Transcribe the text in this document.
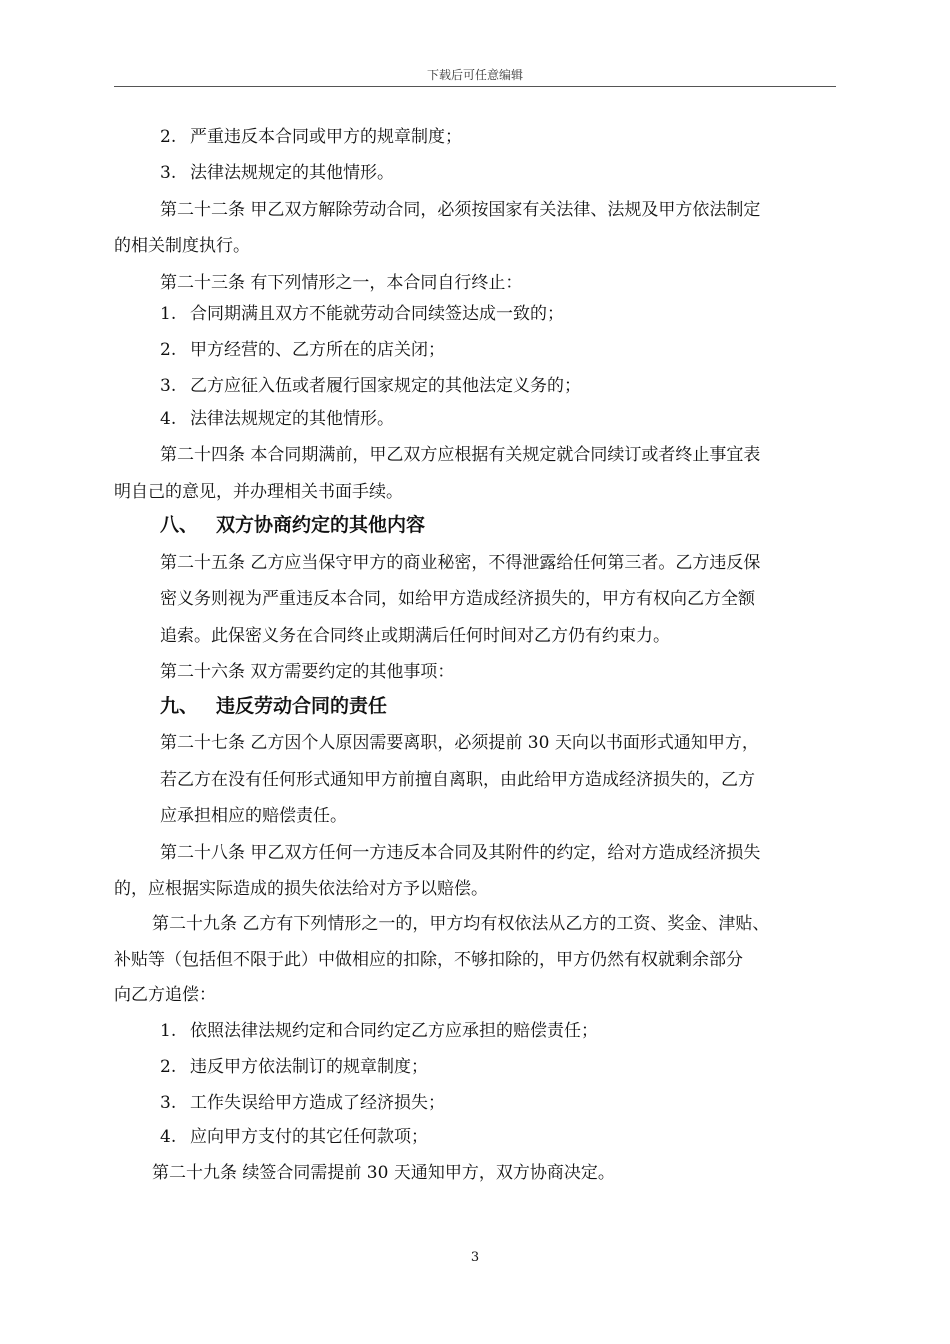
下载后可任意编辑
2. 严重违反本合同或甲方的规章制度；
3. 法律法规规定的其他情形。
第二十二条 甲乙双方解除劳动合同，必须按国家有关法律、法规及甲方依法制定
的相关制度执行。
第二十三条 有下列情形之一，本合同自行终止：
1. 合同期满且双方不能就劳动合同续签达成一致的；
2. 甲方经营的、乙方所在的店关闭；
3. 乙方应征入伍或者履行国家规定的其他法定义务的；
4. 法律法规规定的其他情形。
第二十四条 本合同期满前，甲乙双方应根据有关规定就合同续订或者终止事宜表
明自己的意见，并办理相关书面手续。
八、 双方协商约定的其他内容
第二十五条 乙方应当保守甲方的商业秘密，不得泄露给任何第三者。乙方违反保
密义务则视为严重违反本合同，如给甲方造成经济损失的，甲方有权向乙方全额
追索。此保密义务在合同终止或期满后任何时间对乙方仍有约束力。
第二十六条 双方需要约定的其他事项：
九、 违反劳动合同的责任
第二十七条 乙方因个人原因需要离职，必须提前 30 天向以书面形式通知甲方，
若乙方在没有任何形式通知甲方前擅自离职，由此给甲方造成经济损失的，乙方
应承担相应的赔偿责任。
第二十八条 甲乙双方任何一方违反本合同及其附件的约定，给对方造成经济损失
的，应根据实际造成的损失依法给对方予以赔偿。
第二十九条 乙方有下列情形之一的，甲方均有权依法从乙方的工资、奖金、津贴、
补贴等（包括但不限于此）中做相应的扣除，不够扣除的，甲方仍然有权就剩余部分
向乙方追偿：
1. 依照法律法规约定和合同约定乙方应承担的赔偿责任；
2. 违反甲方依法制订的规章制度；
3. 工作失误给甲方造成了经济损失；
4. 应向甲方支付的其它任何款项；
第二十九条 续签合同需提前 30 天通知甲方，双方协商决定。
3
